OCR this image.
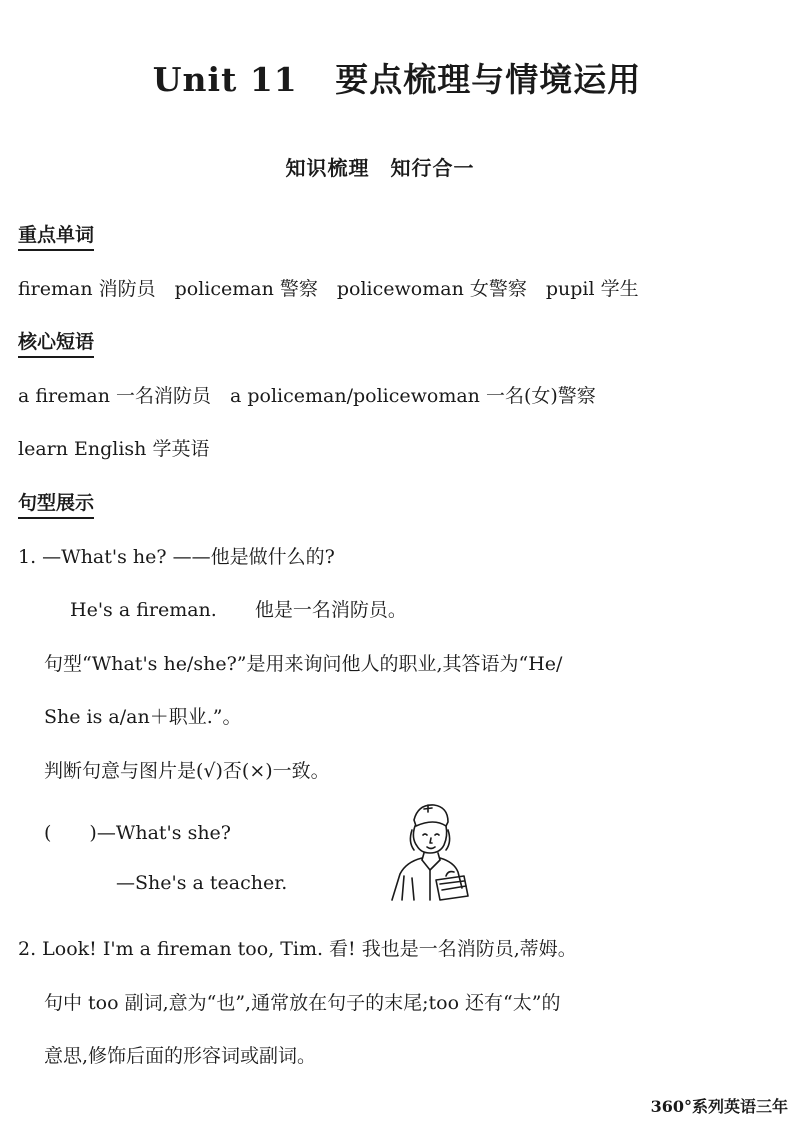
Unit 11 要点梳理与情境运用
知识梳理　知行合一
重点单词
fireman 消防员　policeman 警察　policewoman 女警察　pupil 学生
核心短语
a fireman 一名消防员　a policeman/policewoman 一名(女)警察
learn English 学英语
句型展示
1. —What's he? ——他是做什么的?
He's a fireman.　　他是一名消防员。
句型“What's he/she?”是用来询问他人的职业,其答语为“He/
She is a/an＋职业.”。
判断句意与图片是(√)否(×)一致。
(　　)—What's she?
—She's a teacher.
2. Look! I'm a fireman too, Tim. 看! 我也是一名消防员,蒂姆。
句中 too 副词,意为“也”,通常放在句子的末尾;too 还有“太”的
意思,修饰后面的形容词或副词。
360°系列英语三年
